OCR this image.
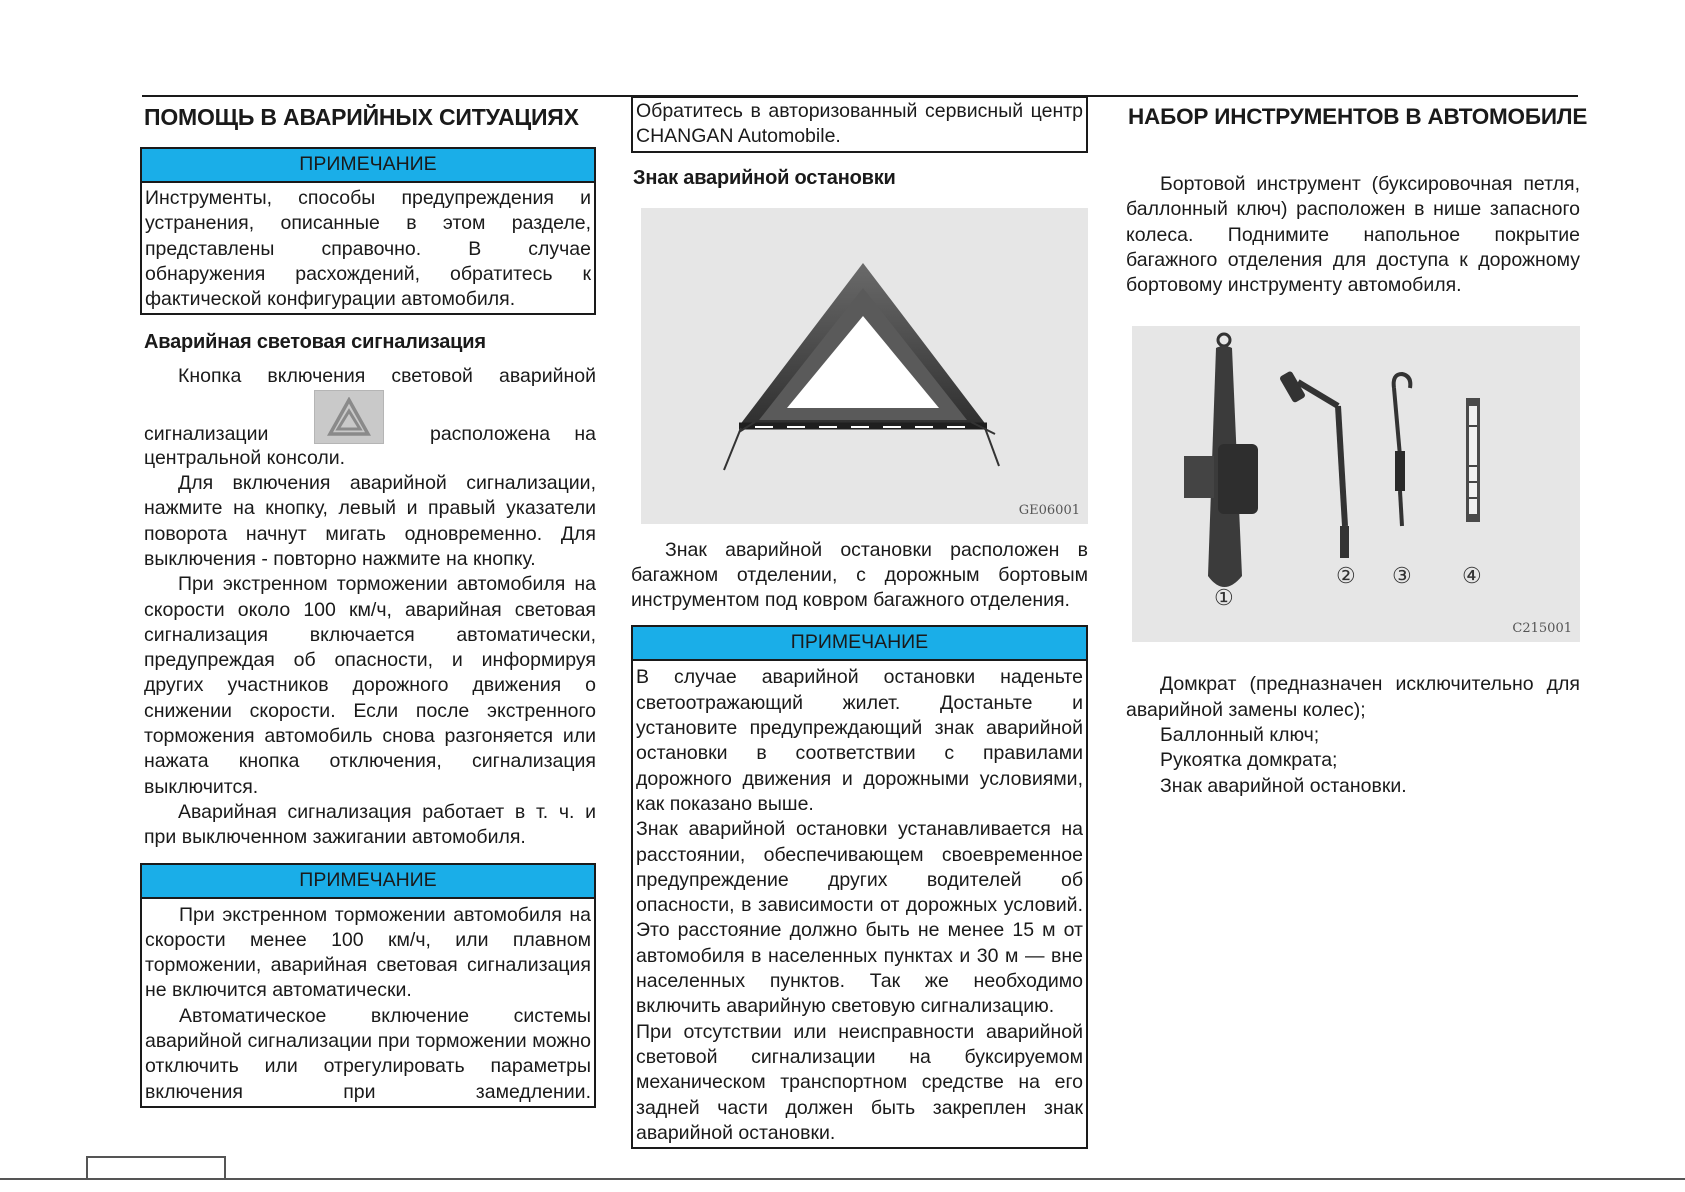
ПОМОЩЬ В АВАРИЙНЫХ СИТУАЦИЯХ
ПРИМЕЧАНИЕ

Инструменты, способы предупреждения и устранения, описанные в этом разделе, представлены справочно. В случае обнаружения расхождений, обратитесь к фактической конфигурации автомобиля.

Аварийная световая сигнализация

Кнопка включения световой аварийной

сигнализации	расположена на

центральной консоли.

Для включения аварийной сигнализации, нажмите на кнопку, левый и правый указатели поворота начнут мигать одновременно. Для выключения - повторно нажмите на кнопку.

При экстренном торможении автомобиля на скорости около 100 км/ч, аварийная световая сигнализация включается автоматически, предупреждая об опасности, и информируя других участников дорожного движения о снижении скорости. Если после экстренного торможения автомобиль снова разгоняется или нажата кнопка отключения, сигнализация выключится.

Аварийная сигнализация работает в т. ч. и при выключенном зажигании автомобиля.

ПРИМЕЧАНИЕ

При экстренном торможении автомобиля на скорости менее 100 км/ч, или плавном торможении, аварийная световая сигнализация не включится автоматически.

Автоматическое включение системы аварийной сигнализации при торможении можно отключить или отрегулировать параметры включения при замедлении.

Обратитесь в авторизованный сервисный центр CHANGAN Automobile.

Знак аварийной остановки
GE06001

Знак аварийной остановки расположен в багажном отделении, с дорожным бортовым инструментом под ковром багажного отделения.

ПРИМЕЧАНИЕ

В случае аварийной остановки наденьте светоотражающий жилет. Достаньте и установите предупреждающий знак аварийной остановки в соответствии с правилами дорожного движения и дорожными условиями, как показано выше.

Знак аварийной остановки устанавливается на расстоянии, обеспечивающем своевременное предупреждение других водителей об опасности, в зависимости от дорожных условий. Это расстояние должно быть не менее 15 м от автомобиля в населенных пунктах и 30 м — вне населенных пунктов. Так же необходимо включить аварийную световую сигнализацию.

При отсутствии или неисправности аварийной световой сигнализации на буксируемом механическом транспортном средстве на его задней части должен быть закреплен знак аварийной остановки.

НАБОР ИНСТРУМЕНТОВ В АВТОМОБИЛЕ

Бортовой инструмент (буксировочная петля, баллонный ключ) расположен в нише запасного колеса. Поднимите напольное покрытие багажного отделения для доступа к дорожному бортовому инструменту автомобиля.

①
② ③ ④
C215001

Домкрат (предназначен исключительно для аварийной замены колес);

Баллонный ключ;

Рукоятка домкрата;

Знак аварийной остановки.
